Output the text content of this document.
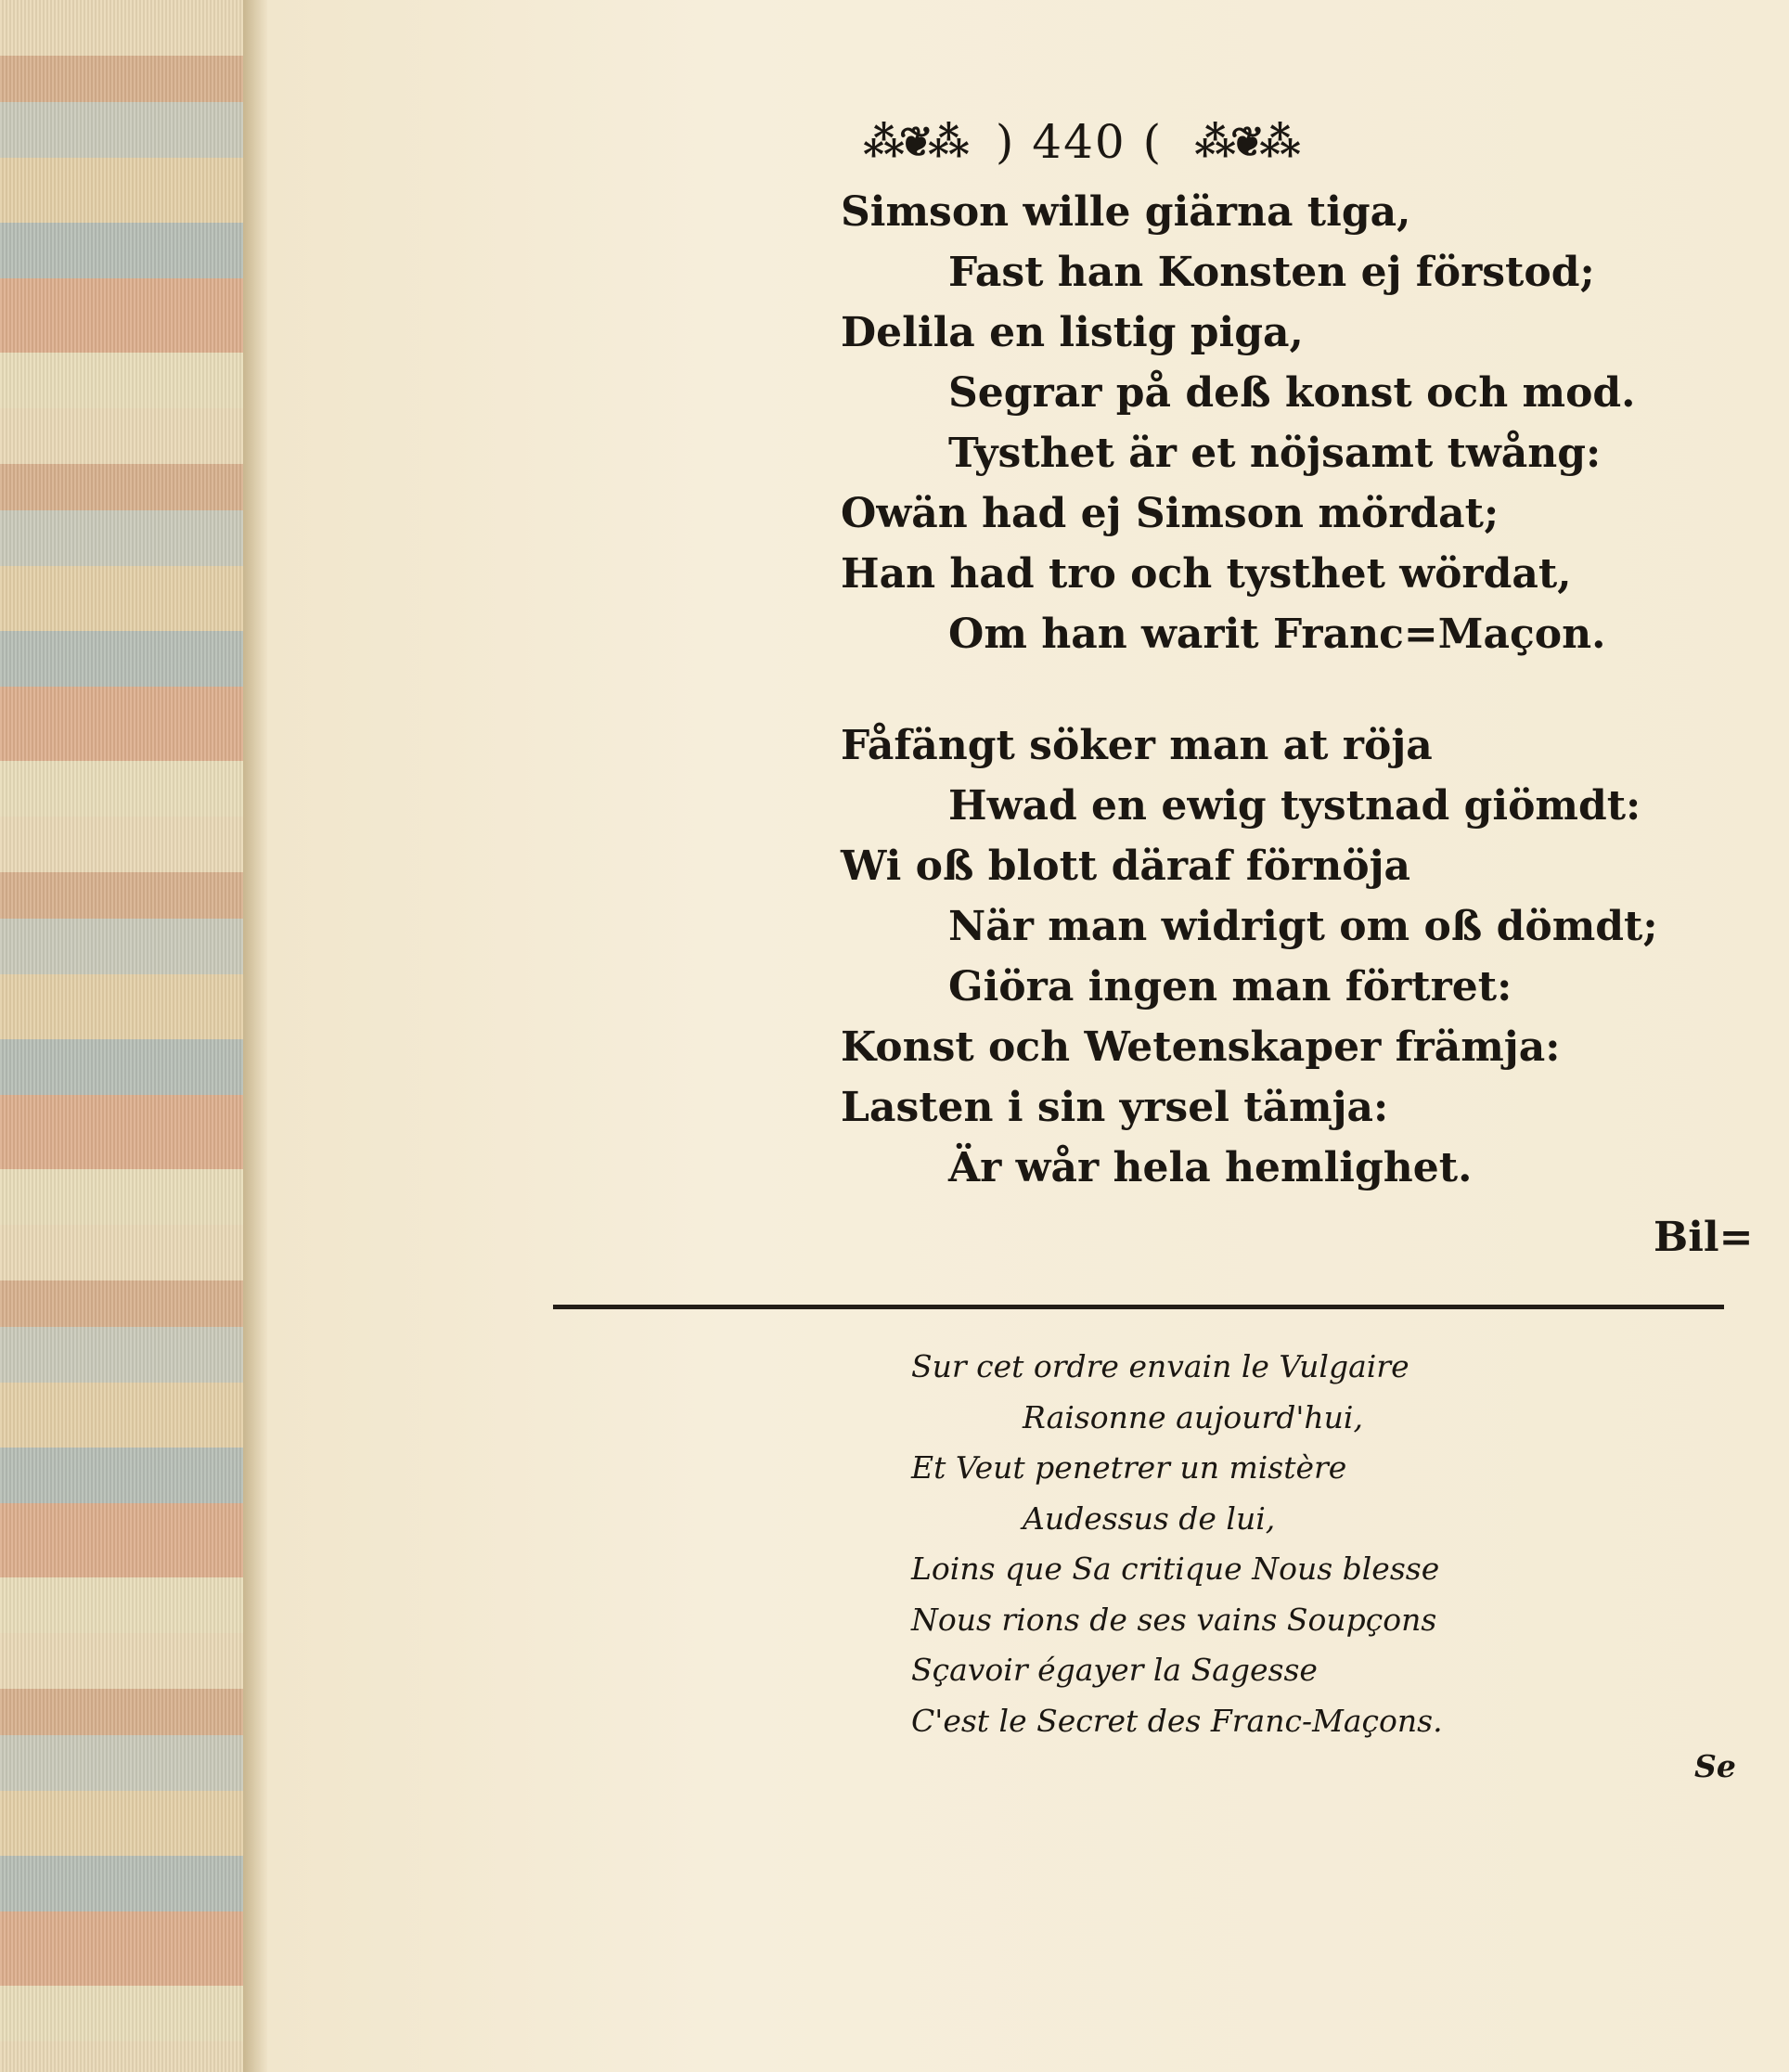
⁂❦⁂ ) 440 ( ⁂❦⁂
Simson wille giärna tiga,
Fast han Konsten ej förstod;
Delila en listig piga,
Segrar på deß konst och mod.
Tysthet är et nöjsamt twång:
Owän had ej Simson mördat;
Han had tro och tysthet wördat,
Om han warit Franc=Maçon.
Fåfängt söker man at röja
Hwad en ewig tystnad giömdt:
Wi oß blott däraf förnöja
När man widrigt om oß dömdt;
Giöra ingen man förtret:
Konst och Wetenskaper främja:
Lasten i sin yrsel tämja:
Är wår hela hemlighet.
Bil=
Sur cet ordre envain le Vulgaire
Raisonne aujourd'hui,
Et Veut penetrer un mistère
Audessus de lui,
Loins que Sa critique Nous blesse
Nous rions de ses vains Soupçons
Sçavoir égayer la Sagesse
C'est le Secret des Franc-Maçons.
Se
